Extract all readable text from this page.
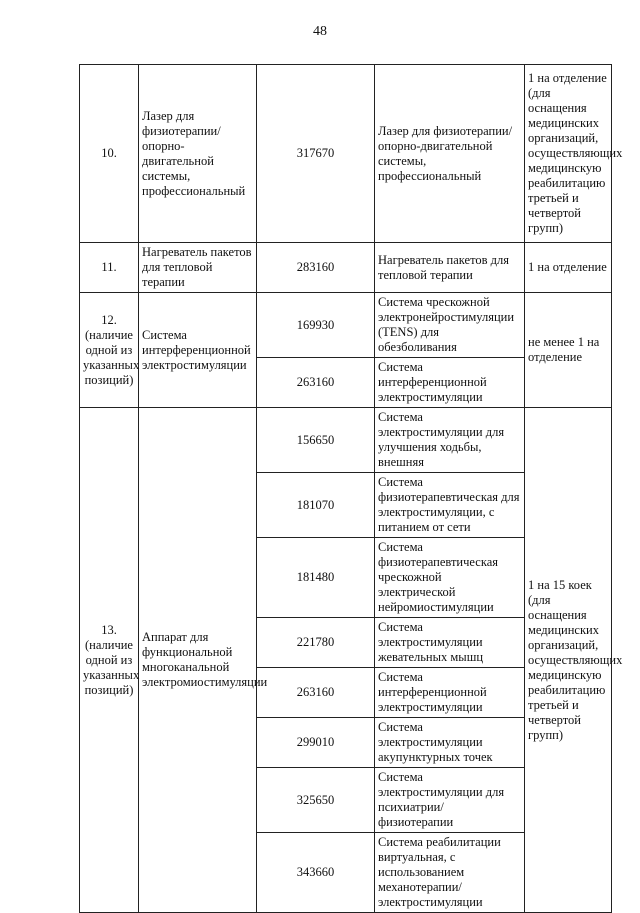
48
10.	Лазер для физиотерапии/ опорно-двигательной системы, профессиональный	317670	Лазер для физиотерапии/опорно-двигательной системы, профессиональный	1 на отделение (для оснащения медицинских организаций, осуществляющих медицинскую реабилитацию третьей и четвертой групп)
11.	Нагреватель пакетов для тепловой терапии	283160	Нагреватель пакетов для тепловой терапии	1 на отделение
12. (наличие одной из указанных позиций)	Система интерференционной электростимуляции	169930	Система чрескожной электронейростимуляции (TENS) для обезболивания	не менее 1 на отделение
		263160	Система интерференционной электростимуляции	
13. (наличие одной из указанных позиций)	Аппарат для функциональной многоканальной электромиостимуляции	156650	Система электростимуляции для улучшения ходьбы, внешняя	1 на 15 коек (для оснащения медицинских организаций, осуществляющих медицинскую реабилитацию третьей и четвертой групп)
		181070	Система физиотерапевтическая для электростимуляции, с питанием от сети	
		181480	Система физиотерапевтическая чрескожной электрической нейромиостимуляции	
		221780	Система электростимуляции жевательных мышц	
		263160	Система интерференционной электростимуляции	
		299010	Система электростимуляции акупунктурных точек	
		325650	Система электростимуляции для психиатрии/ физиотерапии	
		343660	Система реабилитации виртуальная, с использованием механотерапии/ электростимуляции	
